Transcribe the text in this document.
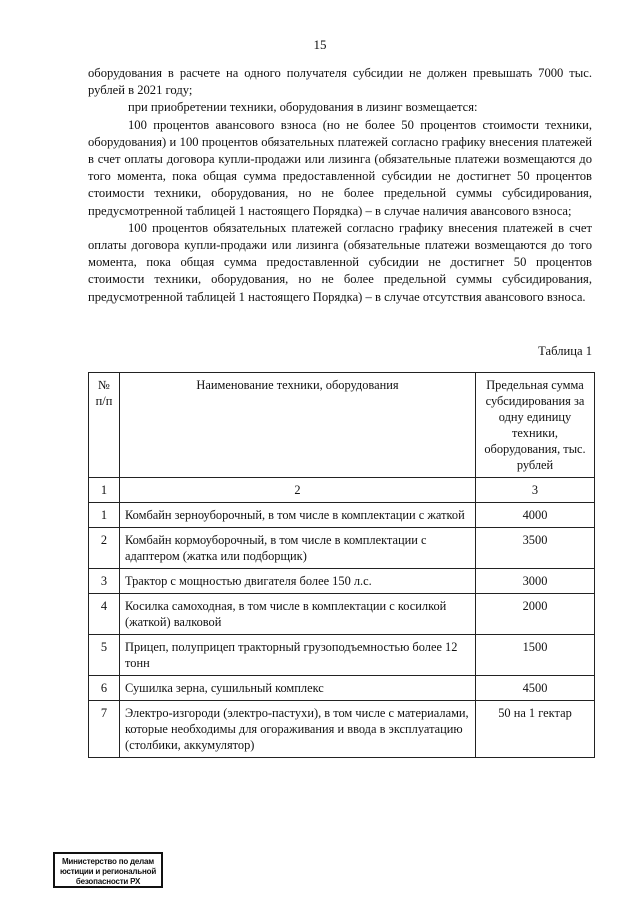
15

оборудования в расчете на одного получателя субсидии не должен превышать 7000 тыс. рублей в 2021 году;

при приобретении техники, оборудования в лизинг возмещается:

100 процентов авансового взноса (но не более 50 процентов стоимости техники, оборудования) и 100 процентов обязательных платежей согласно графику внесения платежей в счет оплаты договора купли-продажи или лизинга (обязательные платежи возмещаются до того момента, пока общая сумма предоставленной субсидии не достигнет 50 процентов стоимости техники, оборудования, но не более предельной суммы субсидирования, предусмотренной таблицей 1 настоящего Порядка) – в случае наличия авансового взноса;

100 процентов обязательных платежей согласно графику внесения платежей в счет оплаты договора купли-продажи или лизинга (обязательные платежи возмещаются до того момента, пока общая сумма предоставленной субсидии не достигнет 50 процентов стоимости техники, оборудования, но не более предельной суммы субсидирования, предусмотренной таблицей 1 настоящего Порядка) – в случае отсутствия авансового взноса.

Таблица 1
№ п/п	Наименование техники, оборудования	Предельная сумма субсидирования за одну единицу техники, оборудования, тыс. рублей
1	2	3
1	Комбайн зерноуборочный, в том числе в комплектации с жаткой	4000
2	Комбайн кормоуборочный, в том числе в комплектации с адаптером (жатка или подборщик)	3500
3	Трактор с мощностью двигателя более 150 л.с.	3000
4	Косилка самоходная, в том числе в комплектации с косилкой (жаткой) валковой	2000
5	Прицеп, полуприцеп тракторный грузоподъемностью более 12 тонн	1500
6	Сушилка зерна, сушильный комплекс	4500
7	Электро-изгороди (электро-пастухи), в том числе с материалами, которые необходимы для огораживания и ввода в эксплуатацию (столбики, аккумулятор)	50 на 1 гектар
Министерство по делам
юстиции и региональной
безопасности РХ
